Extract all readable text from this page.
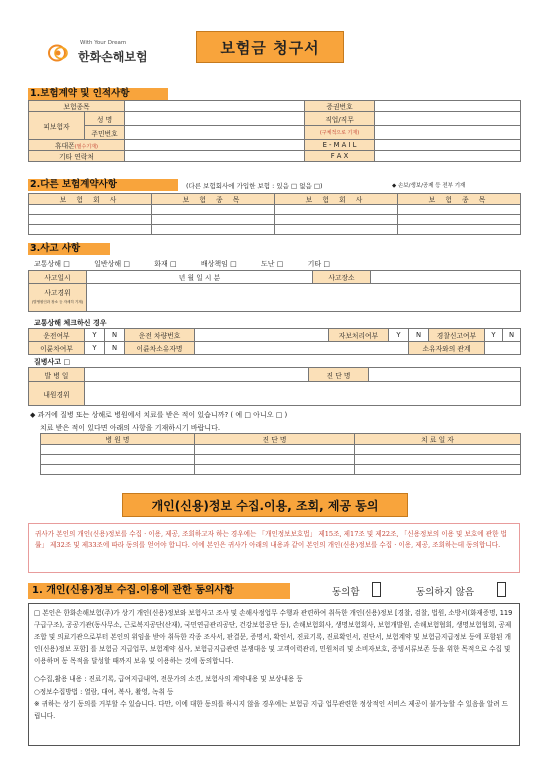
With Your Dream
한화손해보험
보험금 청구서
1.보험계약 및 인적사항
보험종목			증권번호	
피보험자	성 명		직업/직무	
	주민번호		(구체적으로 기재)	
휴대폰(필수기재)			E - M A I L	
기타 연락처			F A X	
2.다른 보험계약사항	(다른 보험회사에 가입한 보험 : 있음 □ 없음 □)	◆ 손보/생보/공제 등 전부 기재
보 험 회 사	보 험 종 목	보 험 회 사	보 험 종 목

3.사고 사항
교통상해 □	일반상해 □	화재 □	배상책임 □	도난 □	기타 □
사고일시	년 월 일 시 분	사고장소	

사고경위
(발생원인과 장소 등 자세히 기재)			

교통상해 체크하신 경우
운전여부	Y	N	운전 차량번호		자보처리여부	Y	N	경찰신고여부	Y	N
이륜차여부	Y	N	이륜차소유자명				소유자와의 관계			
질병사고 □
발 병 일		진 단 명	
내원경위			
◆ 과거에 질병 또는 상해로 병원에서 치료를 받은 적이 있습니까? ( 예 □ 아니오 □ )
치료 받은 적이 있다면 아래의 사항을 기재하시기 바랍니다.
병 원 명	진 단 명	치 료 일 자

개인(신용)정보 수집.이용, 조회, 제공 동의
귀사가 본인의 개인(신용)정보를 수집 · 이용, 제공, 조회하고자 하는 경우에는 「개인정보보호법」 제15조, 제17조 및 제22조, 「신용정보의 이용 및 보호에 관한 법률」 제32조 및 제33조에 따라 동의를 얻어야 합니다. 이에 본인은 귀사가 아래의 내용과 같이 본인의 개인(신용)정보를 수집 · 이용, 제공, 조회하는데 동의합니다.
1. 개인(신용)정보 수집.이용에 관한 동의사항	동의함	동의하지 않음

□ 본인은 한화손해보험(주)가 상기 개인(신용)정보와 보험사고 조사 및 손해사정업무 수행과 관련하여 취득한 개인(신용)정보 [경찰, 검찰, 법원, 소방서(화재증명, 119구급구조), 공공기관(동사무소, 근로복지공단(산재), 국민연금관리공단, 건강보험공단 등), 손해보험회사, 생명보험회사, 보험개발원, 손해보험협회, 생명보험협회, 공제조합 및 의료기관으로부터 본인의 위임을 받아 취득한 각종 조사서, 판결문, 증명서, 확인서, 진료기록, 진료확인서, 진단서, 보험계약 및 보험금지급정보 등에 포함된 개인(신용)정보 포함] 를 보험금 지급업무, 보험계약 심사, 보험금지급관련 분쟁대응 및 고객이력관리, 민원처리 및 소비자보호, 증빙서류보존 등을 위한 목적으로 수집 및 이용하며 동 목적을 달성할 때까지 보유 및 이용하는 것에 동의합니다.

○수집,활용 내용 : 진료기록, 급여지급내역, 전문가의 소견, 보험사의 계약내용 및 보상내용 등

○정보수집방법 : 열람, 대여, 복사, 촬영, 녹취 등

※ 귀하는 상기 동의를 거부할 수 있습니다. 다만, 이에 대한 동의를 하시지 않을 경우에는 보험금 지급 업무관련한 정상적인 서비스 제공이 불가능할 수 있음을 알려 드립니다.
